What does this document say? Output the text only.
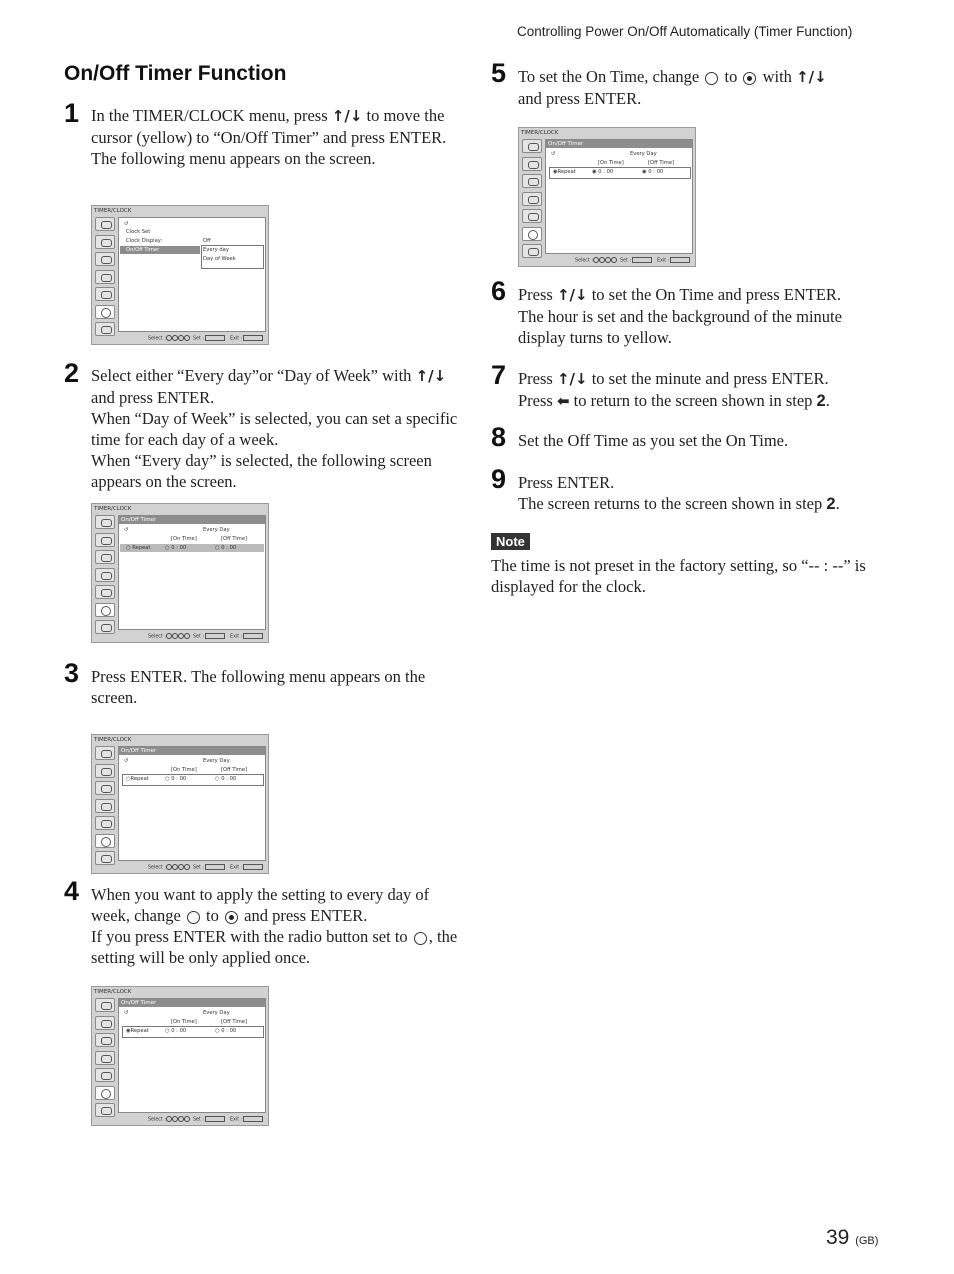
Controlling Power On/Off Automatically (Timer Function)
On/Off Timer Function
1 In the TIMER/CLOCK menu, press ↑/↓ to move the cursor (yellow) to “On/Off Timer” and press ENTER.

The following menu appears on the screen.

TIMER/CLOCK
↺
Clock Set
Clock Display:	Off
On/Off Timer	Every day
Day of Week
Select :	Set :	Exit :
2 Select either “Every day”or “Day of Week” with ↑/↓ and press ENTER.

When “Day of Week” is selected, you can set a specific time for each day of a week.

When “Every day” is selected, the following screen appears on the screen.

TIMER/CLOCK
On/Off Timer
↺	Every Day
[On Time]	[Off Time]
○ Repeat	○ 0 : 00	○ 0 : 00
Select :	Set :	Exit :
3 Press ENTER. The following menu appears on the screen.
TIMER/CLOCK
On/Off Timer
↺	Every Day
[On Time]	[Off Time]
○Repeat	○ 0 : 00	○ 0 : 00
Select :	Set :	Exit :
4 When you want to apply the setting to every day of week, change to and press ENTER.

If you press ENTER with the radio button set to , the setting will be only applied once.

TIMER/CLOCK
On/Off Timer
↺	Every Day
[On Time]	[Off Time]
◉Repeat	○ 0 : 00	○ 0 : 00
Select :	Set :	Exit :
5 To set the On Time, change to with ↑/↓

and press ENTER.

TIMER/CLOCK
On/Off Timer
↺	Every Day
[On Time]	[Off Time]
◉Repeat	◉ 0 : 00	◉ 0 : 00
Select :	Set :	Exit :
6 Press ↑/↓ to set the On Time and press ENTER.

The hour is set and the background of the minute display turns to yellow.

7 Press ↑/↓ to set the minute and press ENTER.

Press ⬅ to return to the screen shown in step 2.

8 Set the Off Time as you set the On Time.
9 Press ENTER.

The screen returns to the screen shown in step 2.

Note
The time is not preset in the factory setting, so “-- : --” is displayed for the clock.
39 (GB)
